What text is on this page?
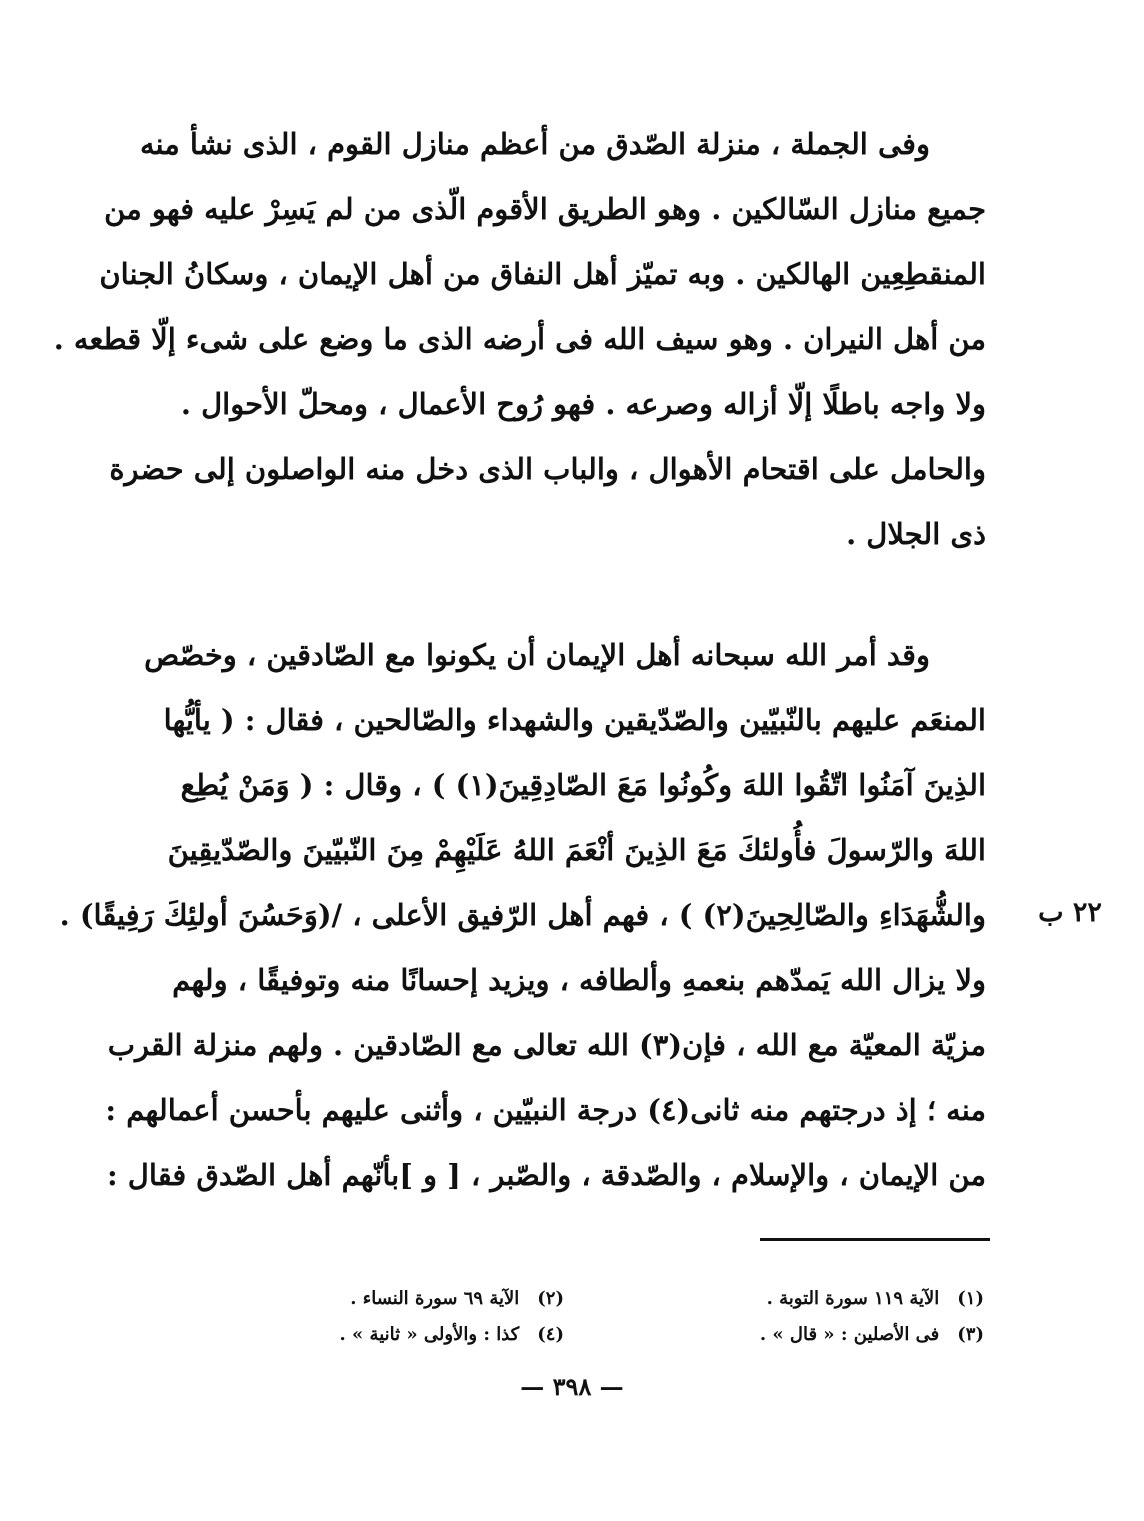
وفى الجملة ، منزلة الصّدق من أعظم منازل القوم ، الذى نشأ منه
جميع منازل السّالكين . وهو الطريق الأقوم الّذى من لم يَسِرْ عليه فهو من
المنقطِعِين الهالكين . وبه تميّز أهل النفاق من أهل الإيمان ، وسكانُ الجنان
من أهل النيران . وهو سيف الله فى أرضه الذى ما وضع على شىء إلّا قطعه .
ولا واجه باطلًا إلّا أزاله وصرعه . فهو رُوح الأعمال ، ومحلّ الأحوال .
والحامل على اقتحام الأهوال ، والباب الذى دخل منه الواصلون إلى حضرة
ذى الجلال .
وقد أمر الله سبحانه أهل الإيمان أن يكونوا مع الصّادقين ، وخصّص
المنعَم عليهم بالنّبيّين والصّدّيقين والشهداء والصّالحين ، فقال : ( يأيُّها
الذِينَ آمَنُوا اتّقُوا اللهَ وكُونُوا مَعَ الصّادِقِينَ(١) ) ، وقال : ( وَمَنْ يُطِع
اللهَ والرّسولَ فأُولئكَ مَعَ الذِينَ أنْعَمَ اللهُ عَلَيْهِمْ مِنَ النّبيّينَ والصّدّيقِينَ
والشُّهَدَاءِ والصّالِحِينَ(٢) ) ، فهم أهل الرّفيق الأعلى ، /(وَحَسُنَ أولئِكَ رَفِيقًا) .
ولا يزال الله يَمدّهم بنعمهِ وألطافه ، ويزيد إحسانًا منه وتوفيقًا ، ولهم
مزيّة المعيّة مع الله ، فإن(٣) الله تعالى مع الصّادقين . ولهم منزلة القرب
منه ؛ إذ درجتهم منه ثانى(٤) درجة النبيّين ، وأثنى عليهم بأحسن أعمالهم :
من الإيمان ، والإسلام ، والصّدقة ، والصّبر ، [ و ]بأنّهم أهل الصّدق فقال :
٢٢ ب
(١)الآية ١١٩ سورة التوبة .
(٢)الآية ٦٩ سورة النساء .
(٣)فى الأصلين : « قال » .
(٤)كذا : والأولى « ثانية » .
— ٣٩٨ —
